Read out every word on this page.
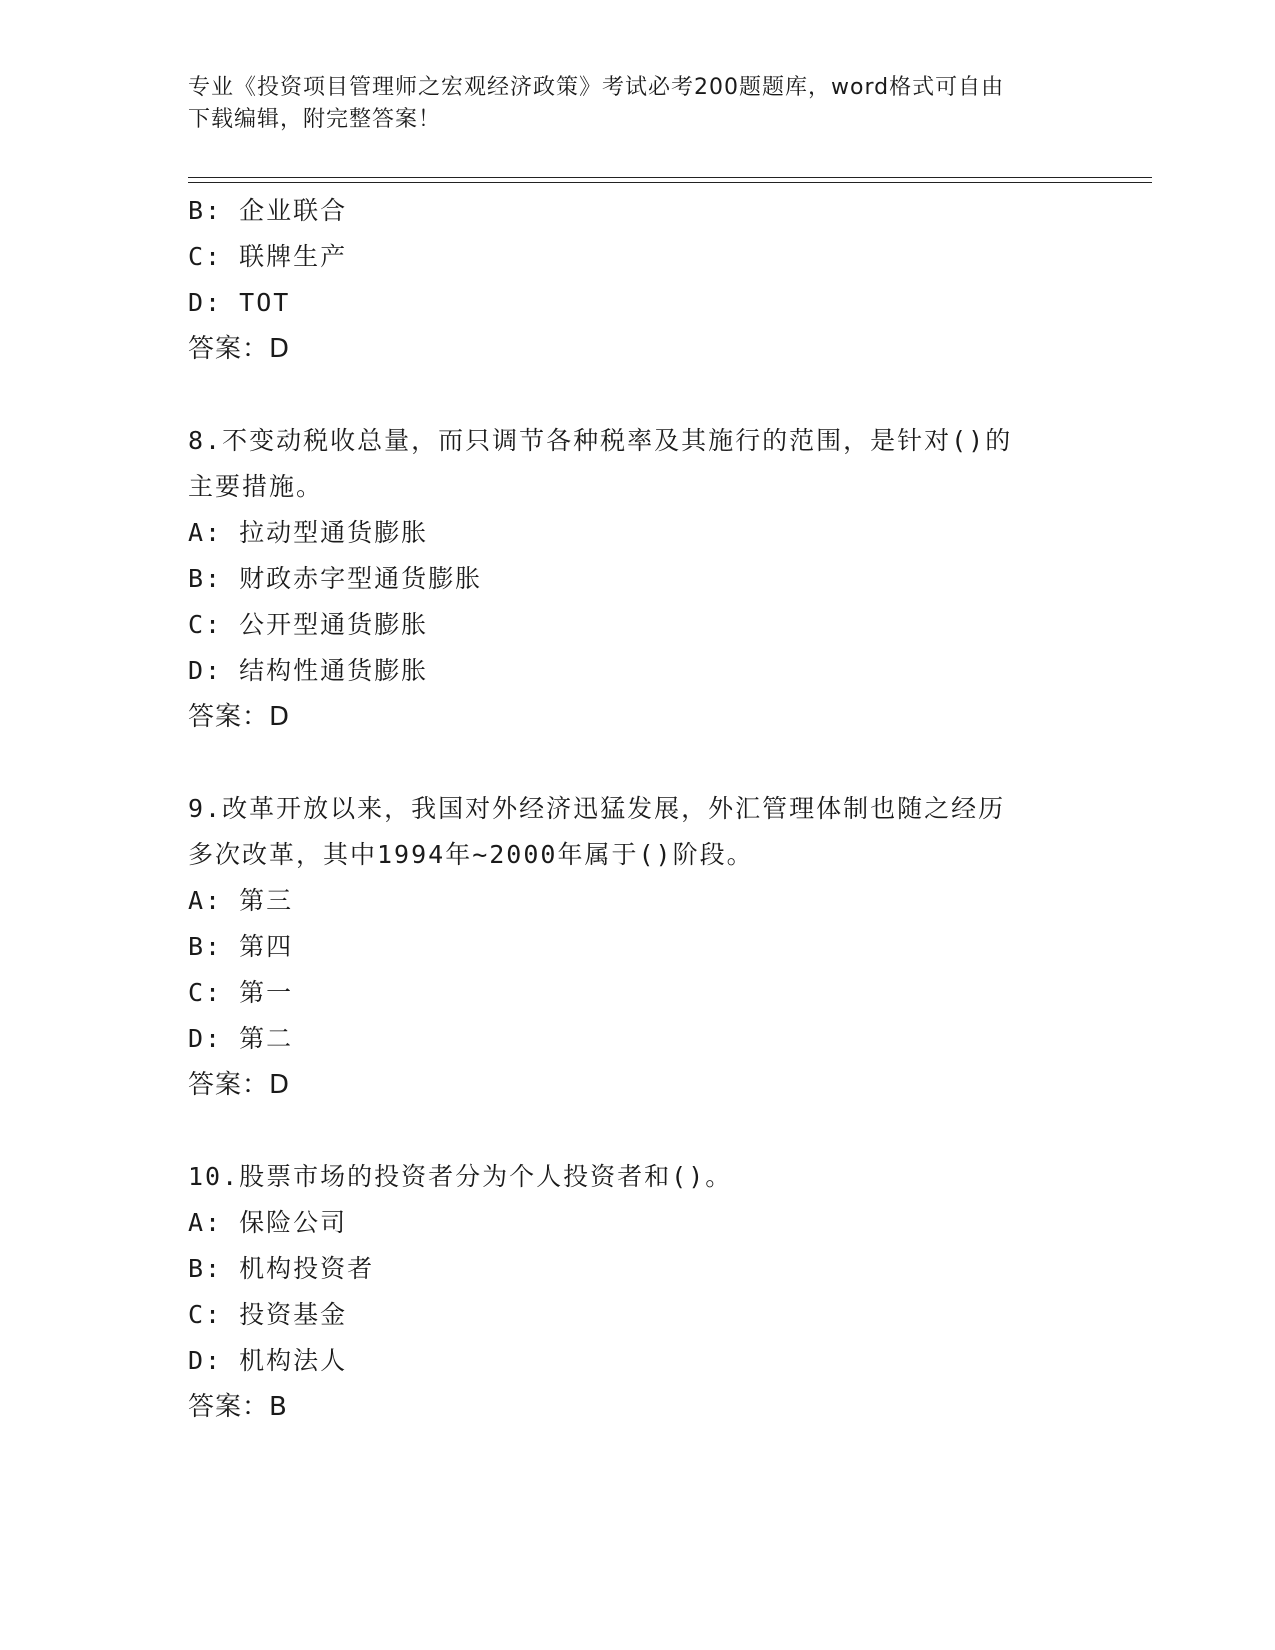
专业《投资项目管理师之宏观经济政策》考试必考200题题库，word格式可自由
下载编辑，附完整答案！
B: 企业联合
C: 联牌生产
D: TOT
答案：D
8.不变动税收总量，而只调节各种税率及其施行的范围，是针对()的
主要措施。
A: 拉动型通货膨胀
B: 财政赤字型通货膨胀
C: 公开型通货膨胀
D: 结构性通货膨胀
答案：D
9.改革开放以来，我国对外经济迅猛发展，外汇管理体制也随之经历
多次改革，其中1994年~2000年属于()阶段。
A: 第三
B: 第四
C: 第一
D: 第二
答案：D
10.股票市场的投资者分为个人投资者和()。
A: 保险公司
B: 机构投资者
C: 投资基金
D: 机构法人
答案：B
